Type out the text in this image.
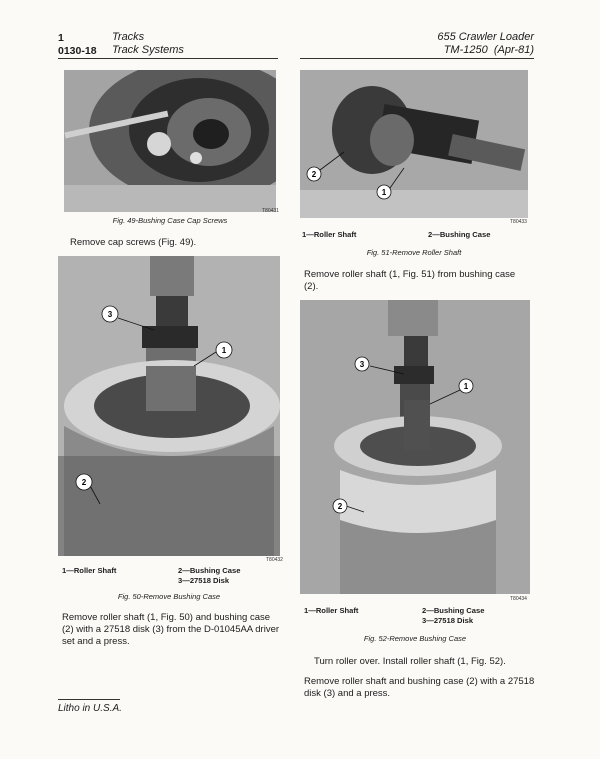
1
0130-18
Tracks
Track Systems
655 Crawler Loader
TM-1250 (Apr-81)
T80431
Fig. 49-Bushing Case Cap Screws
Remove cap screws (Fig. 49).
3
1
2
T80432
1—Roller Shaft	2—Bushing Case
3—27518 Disk
Fig. 50-Remove Bushing Case
Remove roller shaft (1, Fig. 50) and bushing case (2) with a 27518 disk (3) from the D-01045AA driver set and a press.
2
1
T80433
1—Roller Shaft	2—Bushing Case
Fig. 51-Remove Roller Shaft
Remove roller shaft (1, Fig. 51) from bushing case (2).
3
1
2
T80434
1—Roller Shaft	2—Bushing Case
3—27518 Disk
Fig. 52-Remove Bushing Case
Turn roller over. Install roller shaft (1, Fig. 52).
Remove roller shaft and bushing case (2) with a 27518 disk (3) and a press.
Litho in U.S.A.
